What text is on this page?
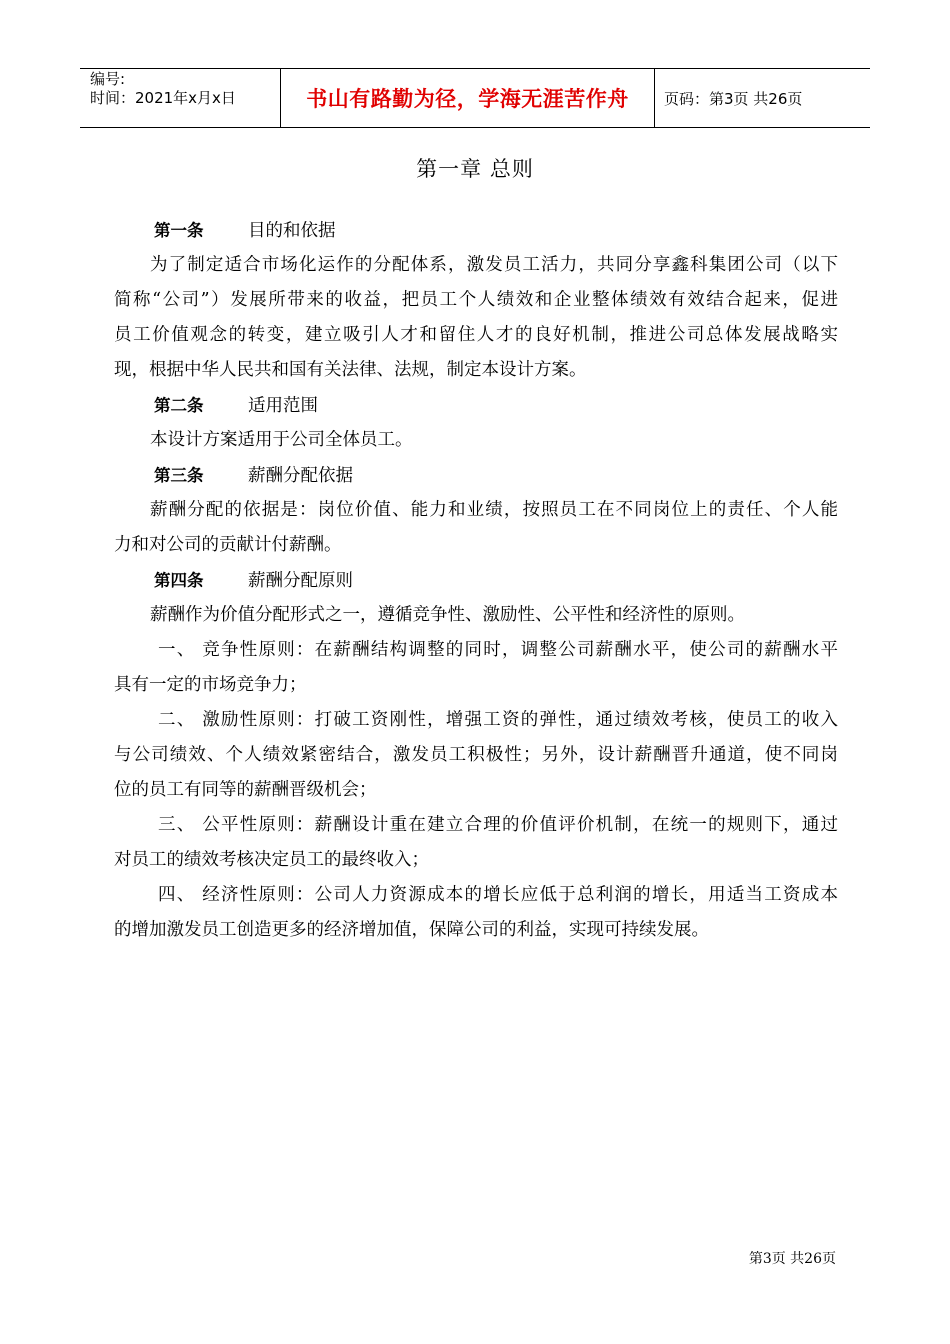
编号:
时间：2021年x月x日	书山有路勤为径，学海无涯苦作舟	页码：第3页 共26页
第一章 总则
第一条	目的和依据
为了制定适合市场化运作的分配体系，激发员工活力，共同分享鑫科集团公司（以下
简称“公司”）发展所带来的收益，把员工个人绩效和企业整体绩效有效结合起来，促进
员工价值观念的转变，建立吸引人才和留住人才的良好机制，推进公司总体发展战略实
现，根据中华人民共和国有关法律、法规，制定本设计方案。
第二条	适用范围
本设计方案适用于公司全体员工。
第三条	薪酬分配依据
薪酬分配的依据是：岗位价值、能力和业绩，按照员工在不同岗位上的责任、个人能
力和对公司的贡献计付薪酬。
第四条	薪酬分配原则
薪酬作为价值分配形式之一，遵循竞争性、激励性、公平性和经济性的原则。
一、 竞争性原则：在薪酬结构调整的同时，调整公司薪酬水平，使公司的薪酬水平
具有一定的市场竞争力；
二、 激励性原则：打破工资刚性，增强工资的弹性，通过绩效考核，使员工的收入
与公司绩效、个人绩效紧密结合，激发员工积极性；另外，设计薪酬晋升通道，使不同岗
位的员工有同等的薪酬晋级机会；
三、 公平性原则：薪酬设计重在建立合理的价值评价机制，在统一的规则下，通过
对员工的绩效考核决定员工的最终收入；
四、 经济性原则：公司人力资源成本的增长应低于总利润的增长，用适当工资成本
的增加激发员工创造更多的经济增加值，保障公司的利益，实现可持续发展。
第3页 共26页
